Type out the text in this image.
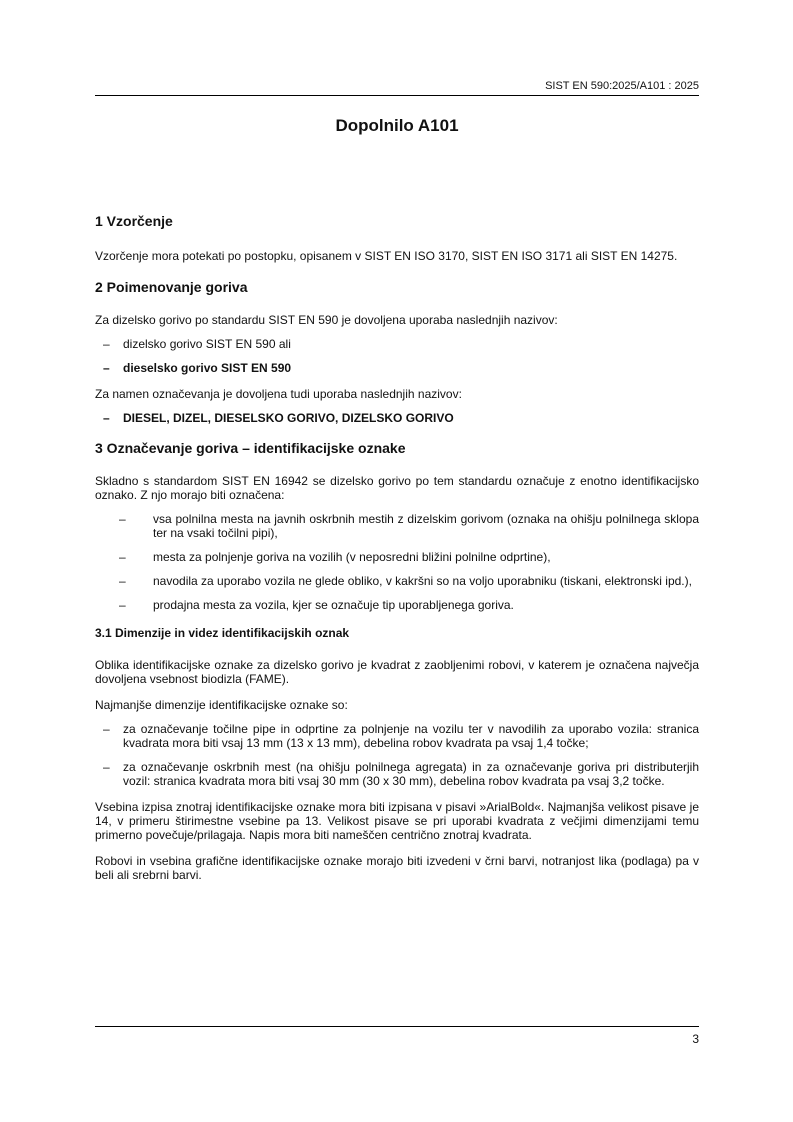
SIST EN 590:2025/A101 : 2025
Dopolnilo A101
1 Vzorčenje

Vzorčenje mora potekati po postopku, opisanem v SIST EN ISO 3170, SIST EN ISO 3171 ali SIST EN 14275.

2 Poimenovanje goriva

Za dizelsko gorivo po standardu SIST EN 590 je dovoljena uporaba naslednjih nazivov:

– dizelsko gorivo SIST EN 590 ali
– dieselsko gorivo SIST EN 590

Za namen označevanja je dovoljena tudi uporaba naslednjih nazivov:

– DIESEL, DIZEL, DIESELSKO GORIVO, DIZELSKO GORIVO
3 Označevanje goriva – identifikacijske oznake

Skladno s standardom SIST EN 16942 se dizelsko gorivo po tem standardu označuje z enotno identifikacijsko oznako. Z njo morajo biti označena:

– vsa polnilna mesta na javnih oskrbnih mestih z dizelskim gorivom (oznaka na ohišju polnilnega sklopa ter na vsaki točilni pipi),
– mesta za polnjenje goriva na vozilih (v neposredni bližini polnilne odprtine),
– navodila za uporabo vozila ne glede obliko, v kakršni so na voljo uporabniku (tiskani, elektronski ipd.),
– prodajna mesta za vozila, kjer se označuje tip uporabljenega goriva.
3.1 Dimenzije in videz identifikacijskih oznak

Oblika identifikacijske oznake za dizelsko gorivo je kvadrat z zaobljenimi robovi, v katerem je označena največja dovoljena vsebnost biodizla (FAME).

Najmanjše dimenzije identifikacijske oznake so:

– za označevanje točilne pipe in odprtine za polnjenje na vozilu ter v navodilih za uporabo vozila: stranica kvadrata mora biti vsaj 13 mm (13 x 13 mm), debelina robov kvadrata pa vsaj 1,4 točke;
– za označevanje oskrbnih mest (na ohišju polnilnega agregata) in za označevanje goriva pri distributerjih vozil: stranica kvadrata mora biti vsaj 30 mm (30 x 30 mm), debelina robov kvadrata pa vsaj 3,2 točke.

Vsebina izpisa znotraj identifikacijske oznake mora biti izpisana v pisavi »ArialBold«. Najmanjša velikost pisave je 14, v primeru štirimestne vsebine pa 13. Velikost pisave se pri uporabi kvadrata z večjimi dimenzijami temu primerno povečuje/prilagaja. Napis mora biti nameščen centrično znotraj kvadrata.

Robovi in vsebina grafične identifikacijske oznake morajo biti izvedeni v črni barvi, notranjost lika (podlaga) pa v beli ali srebrni barvi.

3
